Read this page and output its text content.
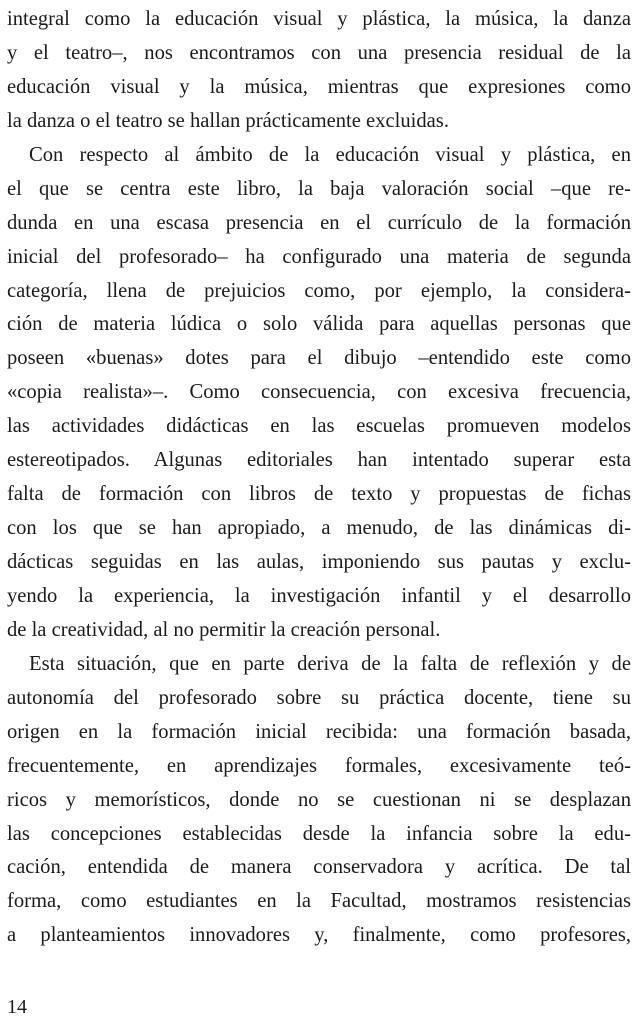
integral como la educación visual y plástica, la música, la danza
y el teatro–, nos encontramos con una presencia residual de la
educación visual y la música, mientras que expresiones como
la danza o el teatro se hallan prácticamente excluidas.
Con respecto al ámbito de la educación visual y plástica, en
el que se centra este libro, la baja valoración social –que re-
dunda en una escasa presencia en el currículo de la formación
inicial del profesorado– ha configurado una materia de segunda
categoría, llena de prejuicios como, por ejemplo, la considera-
ción de materia lúdica o solo válida para aquellas personas que
poseen «buenas» dotes para el dibujo –entendido este como
«copia realista»–. Como consecuencia, con excesiva frecuencia,
las actividades didácticas en las escuelas promueven modelos
estereotipados. Algunas editoriales han intentado superar esta
falta de formación con libros de texto y propuestas de fichas
con los que se han apropiado, a menudo, de las dinámicas di-
dácticas seguidas en las aulas, imponiendo sus pautas y exclu-
yendo la experiencia, la investigación infantil y el desarrollo
de la creatividad, al no permitir la creación personal.
Esta situación, que en parte deriva de la falta de reflexión y de
autonomía del profesorado sobre su práctica docente, tiene su
origen en la formación inicial recibida: una formación basada,
frecuentemente, en aprendizajes formales, excesivamente teó-
ricos y memorísticos, donde no se cuestionan ni se desplazan
las concepciones establecidas desde la infancia sobre la edu-
cación, entendida de manera conservadora y acrítica. De tal
forma, como estudiantes en la Facultad, mostramos resistencias
a planteamientos innovadores y, finalmente, como profesores,
14
